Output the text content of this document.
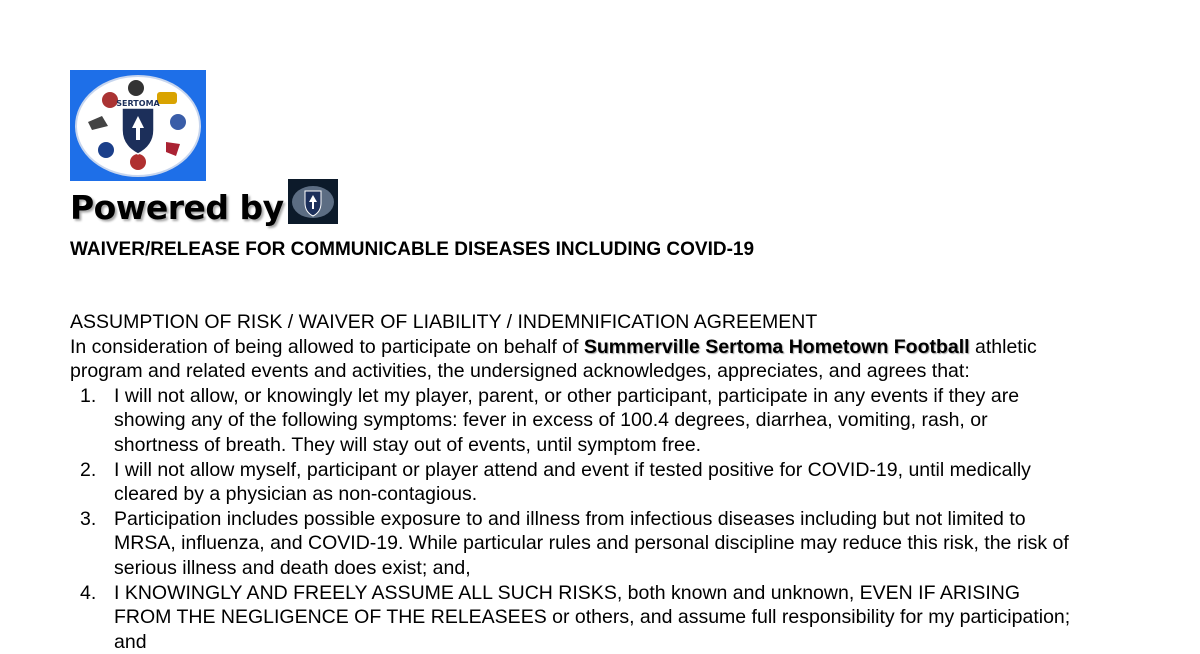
SERTOMA
Powered by
WAIVER/RELEASE FOR COMMUNICABLE DISEASES INCLUDING COVID-19

ASSUMPTION OF RISK / WAIVER OF LIABILITY / INDEMNIFICATION AGREEMENT

In consideration of being allowed to participate on behalf of Summerville Sertoma Hometown Football athletic
program and related events and activities, the undersigned acknowledges, appreciates, and agrees that:

1. I will not allow, or knowingly let my player, parent, or other participant, participate in any events if they are
showing any of the following symptoms: fever in excess of 100.4 degrees, diarrhea, vomiting, rash, or
shortness of breath. They will stay out of events, until symptom free.
2. I will not allow myself, participant or player attend and event if tested positive for COVID-19, until medically
cleared by a physician as non-contagious.
3. Participation includes possible exposure to and illness from infectious diseases including but not limited to
MRSA, influenza, and COVID-19. While particular rules and personal discipline may reduce this risk, the risk of
serious illness and death does exist; and,
4. I KNOWINGLY AND FREELY ASSUME ALL SUCH RISKS, both known and unknown, EVEN IF ARISING
FROM THE NEGLIGENCE OF THE RELEASEES or others, and assume full responsibility for my participation;
and
